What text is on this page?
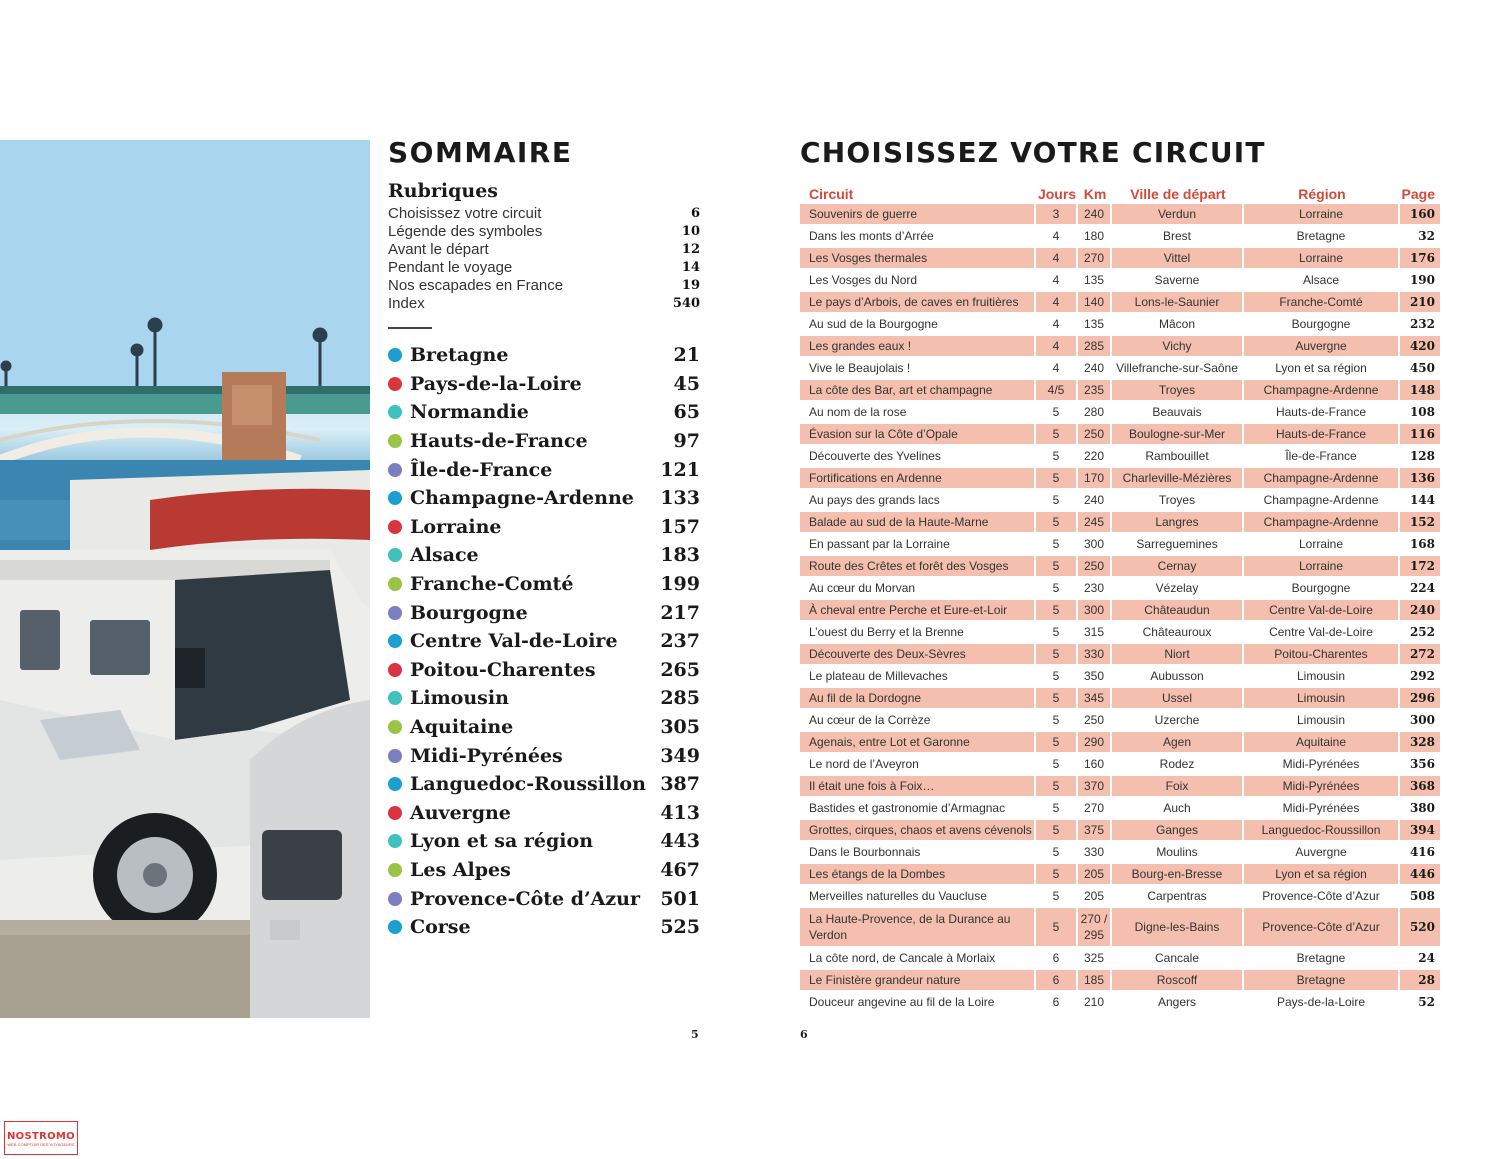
SOMMAIRE
Rubriques
Choisissez votre circuit	6
Légende des symboles	10
Avant le départ	12
Pendant le voyage	14
Nos escapades en France	19
Index	540
Bretagne	21
Pays-de-la-Loire	45
Normandie	65
Hauts-de-France	97
Île-de-France	121
Champagne-Ardenne	133
Lorraine	157
Alsace	183
Franche-Comté	199
Bourgogne	217
Centre Val-de-Loire	237
Poitou-Charentes	265
Limousin	285
Aquitaine	305
Midi-Pyrénées	349
Languedoc-Roussillon 387
Auvergne	413
Lyon et sa région	443
Les Alpes	467
Provence-Côte d’Azur	501
Corse	525
5
CHOISISSEZ VOTRE CIRCUIT
Circuit	Jours	Km	Ville de départ	Région	Page
Souvenirs de guerre	3	240	Verdun	Lorraine	160
Dans les monts d’Arrée	4	180	Brest	Bretagne	32
Les Vosges thermales	4	270	Vittel	Lorraine	176
Les Vosges du Nord	4	135	Saverne	Alsace	190
Le pays d’Arbois, de caves en fruitières	4	140	Lons-le-Saunier	Franche-Comté	210
Au sud de la Bourgogne	4	135	Mâcon	Bourgogne	232
Les grandes eaux !	4	285	Vichy	Auvergne	420
Vive le Beaujolais !	4	240	Villefranche-sur-Saône	Lyon et sa région	450
La côte des Bar, art et champagne	4/5	235	Troyes	Champagne-Ardenne	148
Au nom de la rose	5	280	Beauvais	Hauts-de-France	108
Évasion sur la Côte d’Opale	5	250	Boulogne-sur-Mer	Hauts-de-France	116
Découverte des Yvelines	5	220	Rambouillet	Île-de-France	128
Fortifications en Ardenne	5	170	Charleville-Mézières	Champagne-Ardenne	136
Au pays des grands lacs	5	240	Troyes	Champagne-Ardenne	144
Balade au sud de la Haute-Marne	5	245	Langres	Champagne-Ardenne	152
En passant par la Lorraine	5	300	Sarreguemines	Lorraine	168
Route des Crêtes et forêt des Vosges	5	250	Cernay	Lorraine	172
Au cœur du Morvan	5	230	Vézelay	Bourgogne	224
À cheval entre Perche et Eure-et-Loir	5	300	Châteaudun	Centre Val-de-Loire	240
L’ouest du Berry et la Brenne	5	315	Châteauroux	Centre Val-de-Loire	252
Découverte des Deux-Sèvres	5	330	Niort	Poitou-Charentes	272
Le plateau de Millevaches	5	350	Aubusson	Limousin	292
Au fil de la Dordogne	5	345	Ussel	Limousin	296
Au cœur de la Corrèze	5	250	Uzerche	Limousin	300
Agenais, entre Lot et Garonne	5	290	Agen	Aquitaine	328
Le nord de l’Aveyron	5	160	Rodez	Midi-Pyrénées	356
Il était une fois à Foix…	5	370	Foix	Midi-Pyrénées	368
Bastides et gastronomie d’Armagnac	5	270	Auch	Midi-Pyrénées	380
Grottes, cirques, chaos et avens cévenols	5	375	Ganges	Languedoc-Roussillon	394
Dans le Bourbonnais	5	330	Moulins	Auvergne	416
Les étangs de la Dombes	5	205	Bourg-en-Bresse	Lyon et sa région	446
Merveilles naturelles du Vaucluse	5	205	Carpentras	Provence-Côte d’Azur	508
La Haute-Provence, de la Durance au Verdon	5	270 / 295	Digne-les-Bains	Provence-Côte d’Azur	520
La côte nord, de Cancale à Morlaix	6	325	Cancale	Bretagne	24
Le Finistère grandeur nature	6	185	Roscoff	Bretagne	28
Douceur angevine au fil de la Loire	6	210	Angers	Pays-de-la-Loire	52
6
NOSTROMO
WEB COMPTOIR DES VOYAGEURS
